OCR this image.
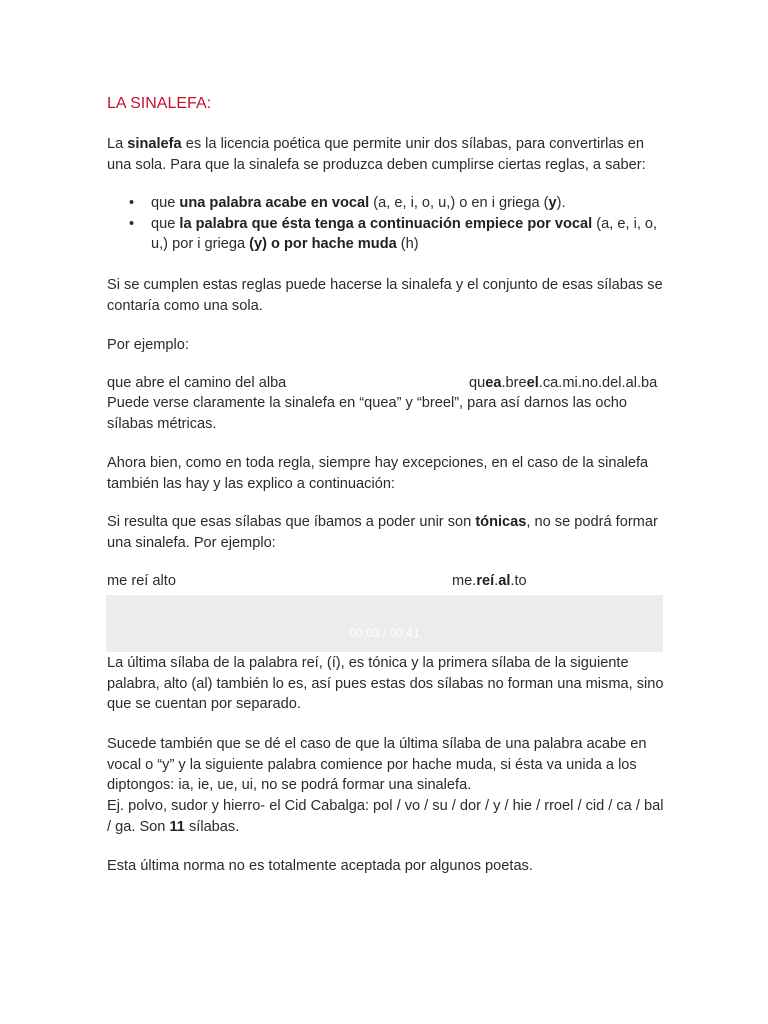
LA SINALEFA:

La sinalefa es la licencia poética que permite unir dos sílabas, para convertirlas en una sola. Para que la sinalefa se produzca deben cumplirse ciertas reglas, a saber:

• que una palabra acabe en vocal (a, e, i, o, u,) o en i griega (y).
• que la palabra que ésta tenga a continuación empiece por vocal (a, e, i, o, u,) por i griega (y) o por hache muda (h)

Si se cumplen estas reglas puede hacerse la sinalefa y el conjunto de esas sílabas se contaría como una sola.

Por ejemplo:

que abre el camino del alba	quea.breel.ca.mi.no.del.al.ba

Puede verse claramente la sinalefa en “quea” y “breel”, para así darnos las ocho sílabas métricas.

Ahora bien, como en toda regla, siempre hay excepciones, en el caso de la sinalefa también las hay y las explico a continuación:

Si resulta que esas sílabas que íbamos a poder unir son tónicas, no se podrá formar una sinalefa. Por ejemplo:

me reí alto	me.reí.al.to
00:03 / 00:41

La última sílaba de la palabra reí, (í), es tónica y la primera sílaba de la siguiente palabra, alto (al) también lo es, así pues estas dos sílabas no forman una misma, sino que se cuentan por separado.

Sucede también que se dé el caso de que la última sílaba de una palabra acabe en vocal o “y” y la siguiente palabra comience por hache muda, si ésta va unida a los diptongos: ia, ie, ue, ui, no se podrá formar una sinalefa.

Ej. polvo, sudor y hierro- el Cid Cabalga: pol / vo / su / dor / y / hie / rroel / cid / ca / bal / ga. Son 11 sílabas.

Esta última norma no es totalmente aceptada por algunos poetas.
